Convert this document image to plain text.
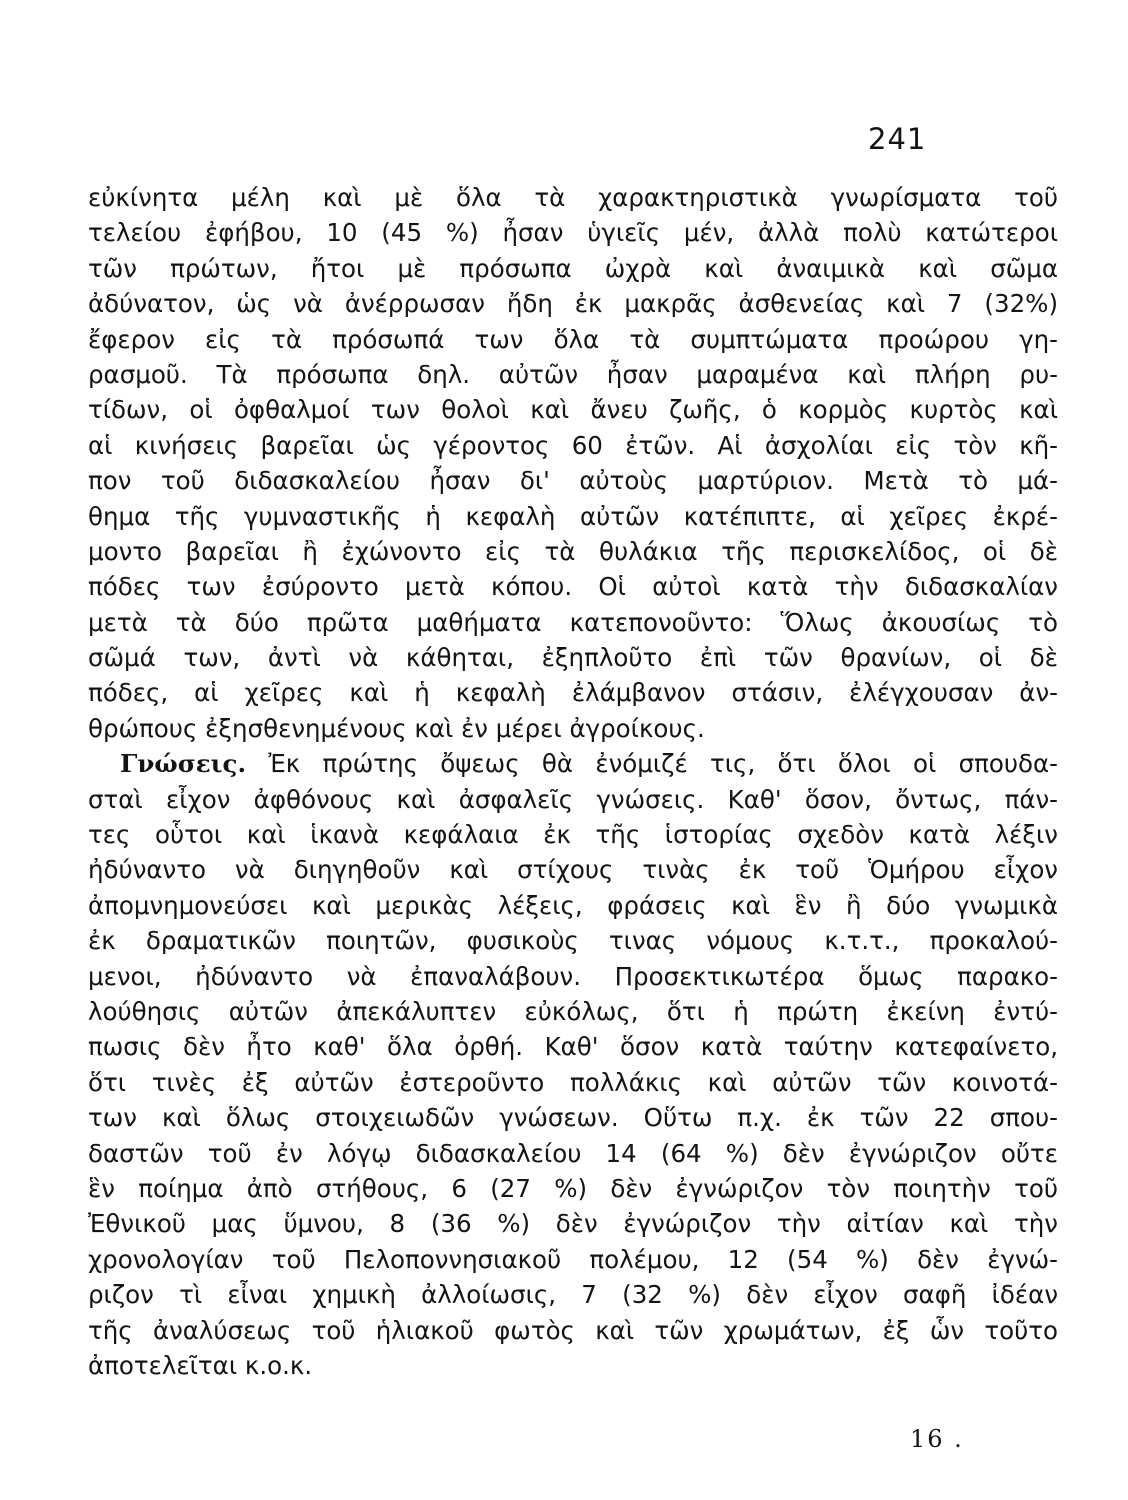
241
εὐκίνητα μέλη καὶ μὲ ὅλα τὰ χαρακτηριστικὰ γνωρίσματα τοῦ
τελείου ἐφήβου, 10 (45 %) ἦσαν ὑγιεῖς μέν, ἀλλὰ πολὺ κατώτεροι
τῶν πρώτων, ἤτοι μὲ πρόσωπα ὠχρὰ καὶ ἀναιμικὰ καὶ σῶμα
ἀδύνατον, ὡς νὰ ἀνέρρωσαν ἤδη ἐκ μακρᾶς ἀσθενείας καὶ 7 (32%)
ἔφερον εἰς τὰ πρόσωπά των ὅλα τὰ συμπτώματα προώρου γη-
ρασμοῦ. Τὰ πρόσωπα δηλ. αὐτῶν ἦσαν μαραμένα καὶ πλήρη ρυ-
τίδων, οἱ ὀφθαλμοί των θολοὶ καὶ ἄνευ ζωῆς, ὁ κορμὸς κυρτὸς καὶ
αἱ κινήσεις βαρεῖαι ὡς γέροντος 60 ἐτῶν. Αἱ ἀσχολίαι εἰς τὸν κῆ-
πον τοῦ διδασκαλείου ἦσαν δι' αὐτοὺς μαρτύριον. Μετὰ τὸ μά-
θημα τῆς γυμναστικῆς ἡ κεφαλὴ αὐτῶν κατέπιπτε, αἱ χεῖρες ἐκρέ-
μοντο βαρεῖαι ἢ ἐχώνοντο εἰς τὰ θυλάκια τῆς περισκελίδος, οἱ δὲ
πόδες των ἐσύροντο μετὰ κόπου. Οἱ αὐτοὶ κατὰ τὴν διδασκαλίαν
μετὰ τὰ δύο πρῶτα μαθήματα κατεπονοῦντο: Ὅλως ἀκουσίως τὸ
σῶμά των, ἀντὶ νὰ κάθηται, ἐξηπλοῦτο ἐπὶ τῶν θρανίων, οἱ δὲ
πόδες, αἱ χεῖρες καὶ ἡ κεφαλὴ ἐλάμβανον στάσιν, ἐλέγχουσαν ἀν-
θρώπους ἐξησθενημένους καὶ ἐν μέρει ἀγροίκους.
Γνώσεις. Ἐκ πρώτης ὄψεως θὰ ἐνόμιζέ τις, ὅτι ὅλοι οἱ σπουδα-
σταὶ εἶχον ἀφθόνους καὶ ἀσφαλεῖς γνώσεις. Καθ' ὅσον, ὄντως, πάν-
τες οὗτοι καὶ ἱκανὰ κεφάλαια ἐκ τῆς ἱστορίας σχεδὸν κατὰ λέξιν
ἠδύναντο νὰ διηγηθοῦν καὶ στίχους τινὰς ἐκ τοῦ Ὁμήρου εἶχον
ἀπομνημονεύσει καὶ μερικὰς λέξεις, φράσεις καὶ ἓν ἢ δύο γνωμικὰ
ἐκ δραματικῶν ποιητῶν, φυσικοὺς τινας νόμους κ.τ.τ., προκαλού-
μενοι, ἠδύναντο νὰ ἐπαναλάβουν. Προσεκτικωτέρα ὅμως παρακο-
λούθησις αὐτῶν ἀπεκάλυπτεν εὐκόλως, ὅτι ἡ πρώτη ἐκείνη ἐντύ-
πωσις δὲν ἦτο καθ' ὅλα ὀρθή. Καθ' ὅσον κατὰ ταύτην κατεφαίνετο,
ὅτι τινὲς ἐξ αὐτῶν ἐστεροῦντο πολλάκις καὶ αὐτῶν τῶν κοινοτά-
των καὶ ὅλως στοιχειωδῶν γνώσεων. Οὕτω π.χ. ἐκ τῶν 22 σπου-
δαστῶν τοῦ ἐν λόγῳ διδασκαλείου 14 (64 %) δὲν ἐγνώριζον οὔτε
ἓν ποίημα ἀπὸ στήθους, 6 (27 %) δὲν ἐγνώριζον τὸν ποιητὴν τοῦ
Ἐθνικοῦ μας ὕμνου, 8 (36 %) δὲν ἐγνώριζον τὴν αἰτίαν καὶ τὴν
χρονολογίαν τοῦ Πελοποννησιακοῦ πολέμου, 12 (54 %) δὲν ἐγνώ-
ριζον τὶ εἶναι χημικὴ ἀλλοίωσις, 7 (32 %) δὲν εἶχον σαφῆ ἰδέαν
τῆς ἀναλύσεως τοῦ ἡλιακοῦ φωτὸς καὶ τῶν χρωμάτων, ἐξ ὧν τοῦτο
ἀποτελεῖται κ.ο.κ.
16 .
